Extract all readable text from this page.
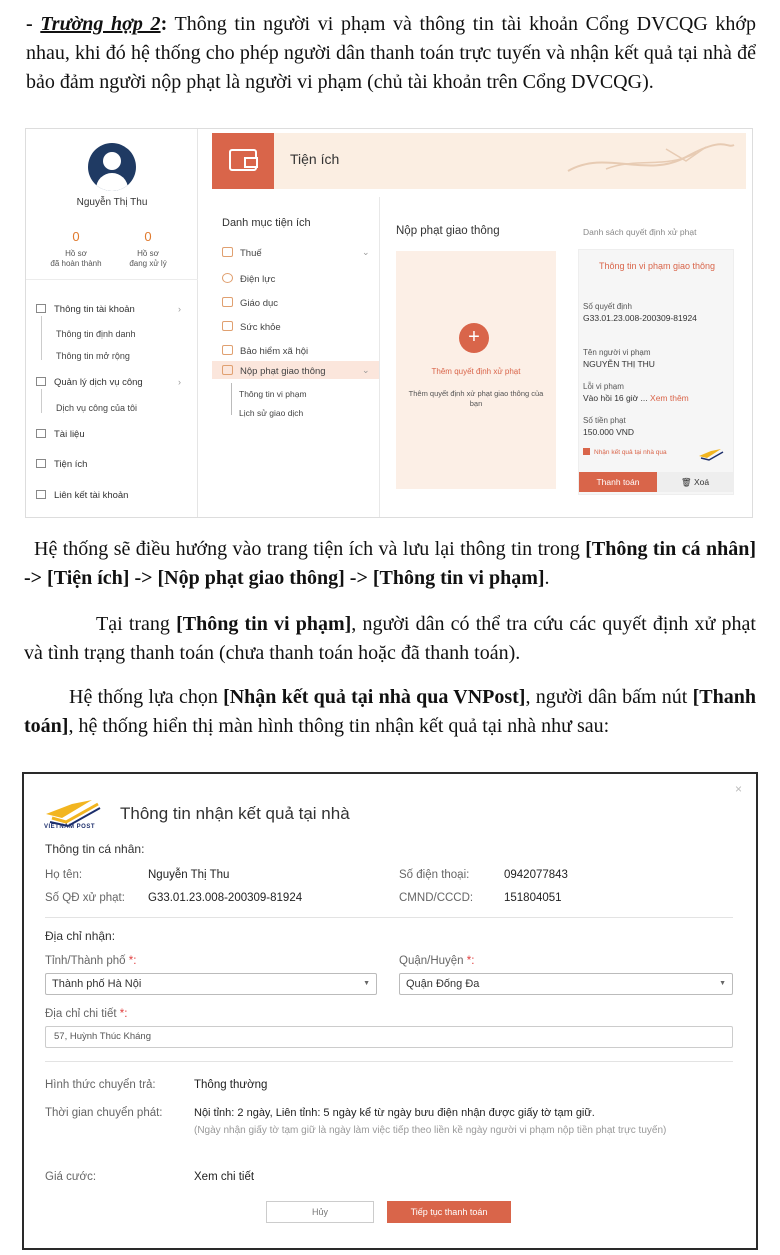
- Trường hợp 2: Thông tin người vi phạm và thông tin tài khoản Cổng DVCQG khớp nhau, khi đó hệ thống cho phép người dân thanh toán trực tuyến và nhận kết quả tại nhà để bảo đảm người nộp phạt là người vi phạm (chủ tài khoản trên Cổng DVCQG).
Nguyễn Thị Thu
0
Hồ sơ
đã hoàn thành
0
Hồ sơ
đang xử lý
Thông tin tài khoản	›
Thông tin định danh
Thông tin mở rộng
Quản lý dịch vụ công	›
Dịch vụ công của tôi
Tài liệu
Tiện ích
Liên kết tài khoản
Tiện ích
Danh mục tiện ích
Thuế	⌄
Điện lực
Giáo dục
Sức khỏe
Bảo hiểm xã hội
Nộp phạt giao thông	⌄
Thông tin vi phạm
Lịch sử giao dịch
Nộp phạt giao thông
+
Thêm quyết định xử phạt
Thêm quyết định xử phạt giao thông của bạn
Danh sách quyết định xử phạt
Thông tin vi phạm giao thông
Số quyết định
G33.01.23.008-200309-81924
Tên người vi phạm
NGUYỄN THỊ THU
Lỗi vi phạm
Vào hồi 16 giờ ... Xem thêm
Số tiền phạt
150.000 VND
Nhận kết quả tại nhà qua
Thanh toán	🗑 Xoá
Hệ thống sẽ điều hướng vào trang tiện ích và lưu lại thông tin trong [Thông tin cá nhân] -> [Tiện ích] -> [Nộp phạt giao thông] -> [Thông tin vi phạm].
Tại trang [Thông tin vi phạm], người dân có thể tra cứu các quyết định xử phạt và tình trạng thanh toán (chưa thanh toán hoặc đã thanh toán).
Hệ thống lựa chọn [Nhận kết quả tại nhà qua VNPost], người dân bấm nút [Thanh toán], hệ thống hiển thị màn hình thông tin nhận kết quả tại nhà như sau:
×
VIETNAM POST
Thông tin nhận kết quả tại nhà
Thông tin cá nhân:
Họ tên:	Nguyễn Thị Thu	Số điện thoại:	0942077843
Số QĐ xử phạt: G33.01.23.008-200309-81924	CMND/CCCD:	151804051
Địa chỉ nhận:
Tỉnh/Thành phố *:
Thành phố Hà Nội	▼
Quận/Huyện *:
Quận Đống Đa	▼
Địa chỉ chi tiết *:
57, Huỳnh Thúc Kháng
Hình thức chuyển trả:	Thông thường
Thời gian chuyển phát:	Nội tỉnh: 2 ngày, Liên tỉnh: 5 ngày kể từ ngày bưu điện nhận được giấy tờ tạm giữ.
(Ngày nhận giấy tờ tạm giữ là ngày làm việc tiếp theo liền kề ngày người vi phạm nộp tiền phạt trực tuyến)
Giá cước:	Xem chi tiết
Hủy	Tiếp tục thanh toán
